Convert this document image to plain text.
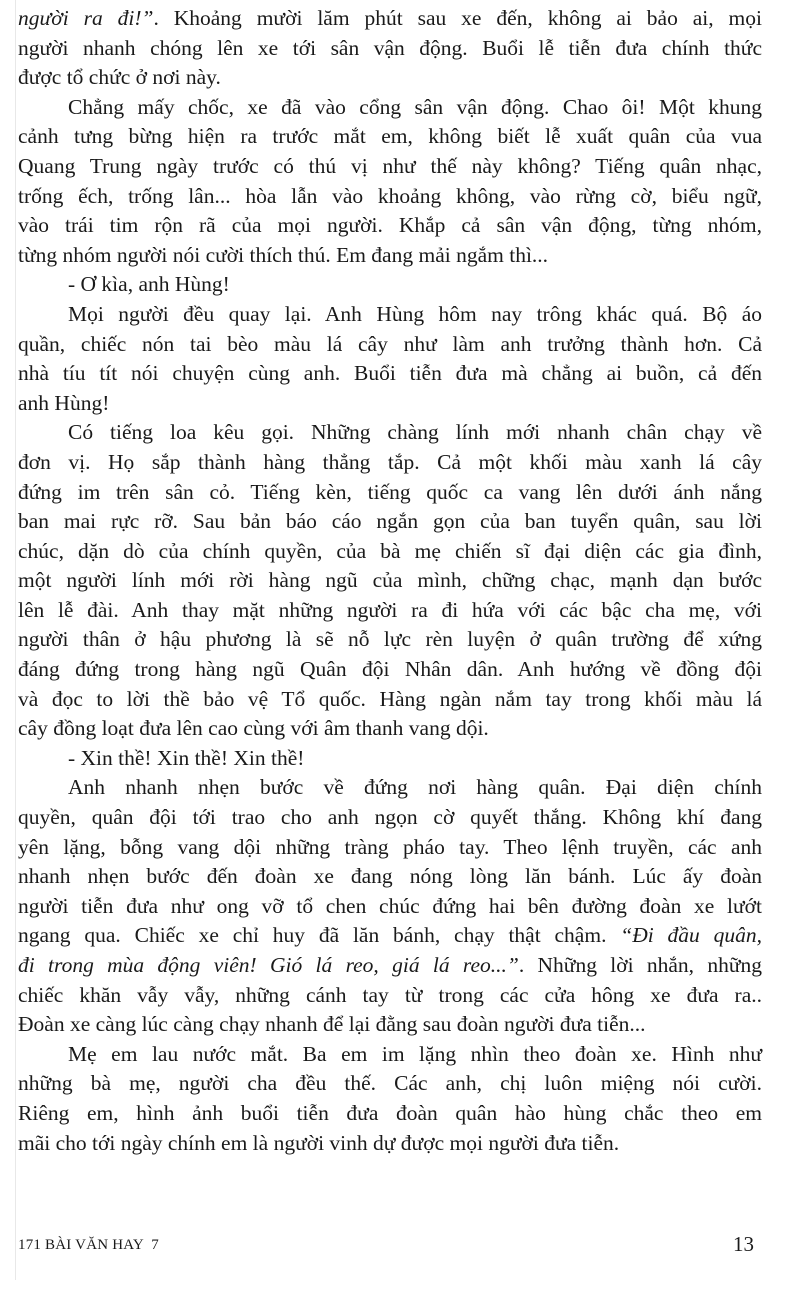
người ra đi!”. Khoảng mười lăm phút sau xe đến, không ai bảo ai, mọi
người nhanh chóng lên xe tới sân vận động. Buổi lễ tiễn đưa chính thức
được tổ chức ở nơi này.
Chẳng mấy chốc, xe đã vào cổng sân vận động. Chao ôi! Một khung
cảnh tưng bừng hiện ra trước mắt em, không biết lễ xuất quân của vua
Quang Trung ngày trước có thú vị như thế này không? Tiếng quân nhạc,
trống ếch, trống lân... hòa lẫn vào khoảng không, vào rừng cờ, biểu ngữ,
vào trái tim rộn rã của mọi người. Khắp cả sân vận động, từng nhóm,
từng nhóm người nói cười thích thú. Em đang mải ngắm thì...
- Ơ kìa, anh Hùng!
Mọi người đều quay lại. Anh Hùng hôm nay trông khác quá. Bộ áo
quần, chiếc nón tai bèo màu lá cây như làm anh trưởng thành hơn. Cả
nhà tíu tít nói chuyện cùng anh. Buổi tiễn đưa mà chẳng ai buồn, cả đến
anh Hùng!
Có tiếng loa kêu gọi. Những chàng lính mới nhanh chân chạy về
đơn vị. Họ sắp thành hàng thẳng tắp. Cả một khối màu xanh lá cây
đứng im trên sân cỏ. Tiếng kèn, tiếng quốc ca vang lên dưới ánh nắng
ban mai rực rỡ. Sau bản báo cáo ngắn gọn của ban tuyển quân, sau lời
chúc, dặn dò của chính quyền, của bà mẹ chiến sĩ đại diện các gia đình,
một người lính mới rời hàng ngũ của mình, chững chạc, mạnh dạn bước
lên lễ đài. Anh thay mặt những người ra đi hứa với các bậc cha mẹ, với
người thân ở hậu phương là sẽ nỗ lực rèn luyện ở quân trường để xứng
đáng đứng trong hàng ngũ Quân đội Nhân dân. Anh hướng về đồng đội
và đọc to lời thề bảo vệ Tổ quốc. Hàng ngàn nắm tay trong khối màu lá
cây đồng loạt đưa lên cao cùng với âm thanh vang dội.
- Xin thề! Xin thề! Xin thề!
Anh nhanh nhẹn bước về đứng nơi hàng quân. Đại diện chính
quyền, quân đội tới trao cho anh ngọn cờ quyết thắng. Không khí đang
yên lặng, bỗng vang dội những tràng pháo tay. Theo lệnh truyền, các anh
nhanh nhẹn bước đến đoàn xe đang nóng lòng lăn bánh. Lúc ấy đoàn
người tiễn đưa như ong vỡ tổ chen chúc đứng hai bên đường đoàn xe lướt
ngang qua. Chiếc xe chỉ huy đã lăn bánh, chạy thật chậm. “Đi đầu quân,
đi trong mùa động viên! Gió lá reo, giá lá reo...”. Những lời nhắn, những
chiếc khăn vẫy vẫy, những cánh tay từ trong các cửa hông xe đưa ra..
Đoàn xe càng lúc càng chạy nhanh để lại đằng sau đoàn người đưa tiễn...
Mẹ em lau nước mắt. Ba em im lặng nhìn theo đoàn xe. Hình như
những bà mẹ, người cha đều thế. Các anh, chị luôn miệng nói cười.
Riêng em, hình ảnh buổi tiễn đưa đoàn quân hào hùng chắc theo em
mãi cho tới ngày chính em là người vinh dự được mọi người đưa tiễn.
171 BÀI VĂN HAY  7	13
